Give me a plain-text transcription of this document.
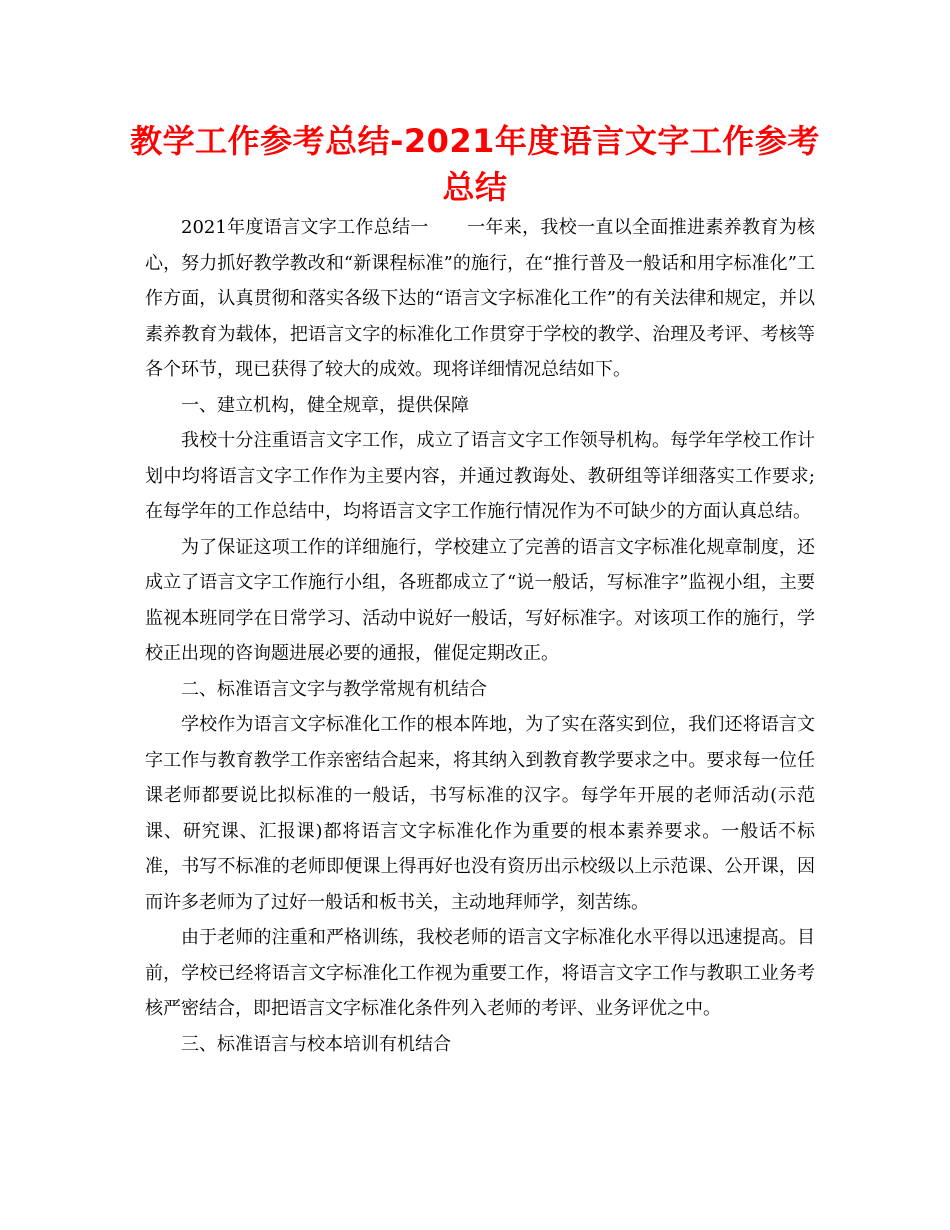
教学工作参考总结-2021年度语言文字工作参考总结

2021年度语言文字工作总结一 一年来，我校一直以全面推进素养教育为核心，努力抓好教学教改和“新课程标准”的施行，在“推行普及一般话和用字标准化”工作方面，认真贯彻和落实各级下达的“语言文字标准化工作”的有关法律和规定，并以素养教育为载体，把语言文字的标准化工作贯穿于学校的教学、治理及考评、考核等各个环节，现已获得了较大的成效。现将详细情况总结如下。

一、建立机构，健全规章，提供保障

我校十分注重语言文字工作，成立了语言文字工作领导机构。每学年学校工作计划中均将语言文字工作作为主要内容，并通过教诲处、教研组等详细落实工作要求;在每学年的工作总结中，均将语言文字工作施行情况作为不可缺少的方面认真总结。

为了保证这项工作的详细施行，学校建立了完善的语言文字标准化规章制度，还成立了语言文字工作施行小组，各班都成立了“说一般话，写标准字”监视小组，主要监视本班同学在日常学习、活动中说好一般话，写好标准字。对该项工作的施行，学校正出现的咨询题进展必要的通报，催促定期改正。

二、标准语言文字与教学常规有机结合

学校作为语言文字标准化工作的根本阵地，为了实在落实到位，我们还将语言文字工作与教育教学工作亲密结合起来，将其纳入到教育教学要求之中。要求每一位任课老师都要说比拟标准的一般话，书写标准的汉字。每学年开展的老师活动(示范课、研究课、汇报课)都将语言文字标准化作为重要的根本素养要求。一般话不标准，书写不标准的老师即便课上得再好也没有资历出示校级以上示范课、公开课，因而许多老师为了过好一般话和板书关，主动地拜师学，刻苦练。

由于老师的注重和严格训练，我校老师的语言文字标准化水平得以迅速提高。目前，学校已经将语言文字标准化工作视为重要工作，将语言文字工作与教职工业务考核严密结合，即把语言文字标准化条件列入老师的考评、业务评优之中。

三、标准语言与校本培训有机结合
